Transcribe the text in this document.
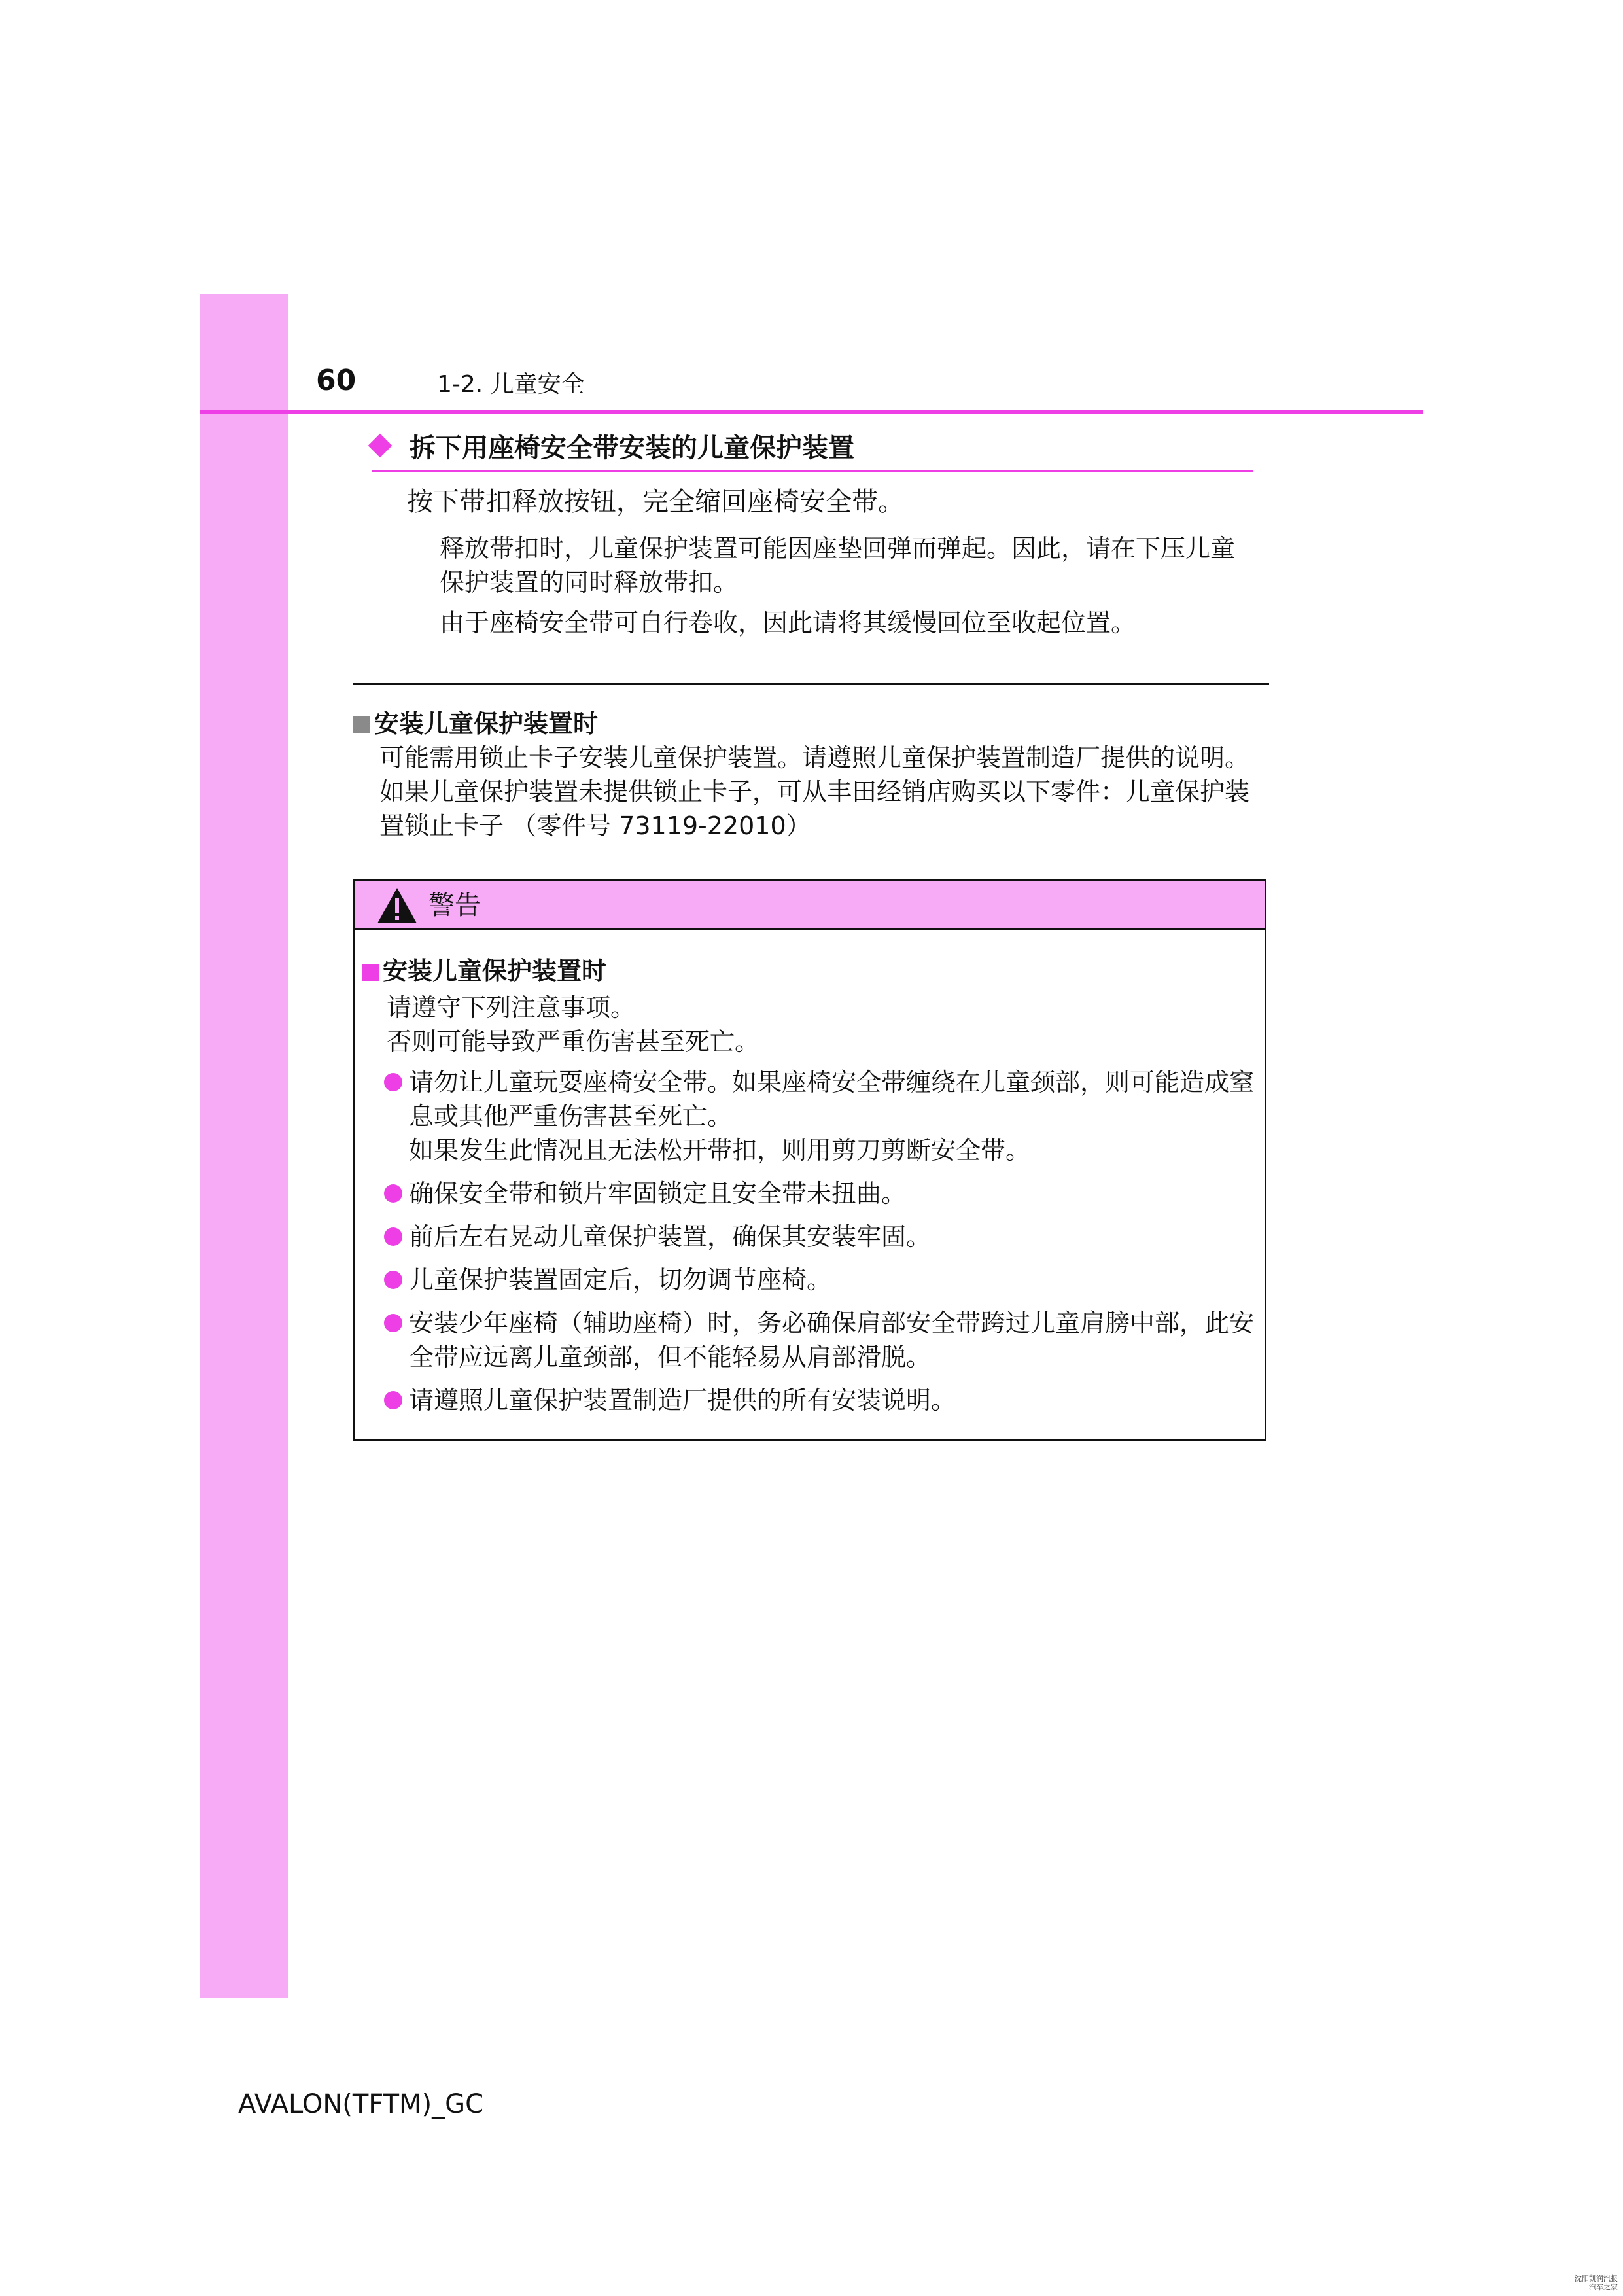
60	1-2. 儿童安全
拆下用座椅安全带安装的儿童保护装置
按下带扣释放按钮，完全缩回座椅安全带。
释放带扣时，儿童保护装置可能因座垫回弹而弹起。因此，请在下压儿童保护装置的同时释放带扣。
由于座椅安全带可自行卷收，因此请将其缓慢回位至收起位置。
安装儿童保护装置时
可能需用锁止卡子安装儿童保护装置。请遵照儿童保护装置制造厂提供的说明。如果儿童保护装置未提供锁止卡子，可从丰田经销店购买以下零件：儿童保护装置锁止卡子 （零件号 73119-22010）
警告
安装儿童保护装置时
请遵守下列注意事项。
否则可能导致严重伤害甚至死亡。
请勿让儿童玩耍座椅安全带。如果座椅安全带缠绕在儿童颈部，则可能造成窒息或其他严重伤害甚至死亡。
如果发生此情况且无法松开带扣，则用剪刀剪断安全带。
确保安全带和锁片牢固锁定且安全带未扭曲。
前后左右晃动儿童保护装置，确保其安装牢固。
儿童保护装置固定后，切勿调节座椅。
安装少年座椅（辅助座椅）时，务必确保肩部安全带跨过儿童肩膀中部，此安全带应远离儿童颈部，但不能轻易从肩部滑脱。
请遵照儿童保护装置制造厂提供的所有安装说明。
AVALON(TFTM)_GC
沈阳凯润汽报
汽车之家
